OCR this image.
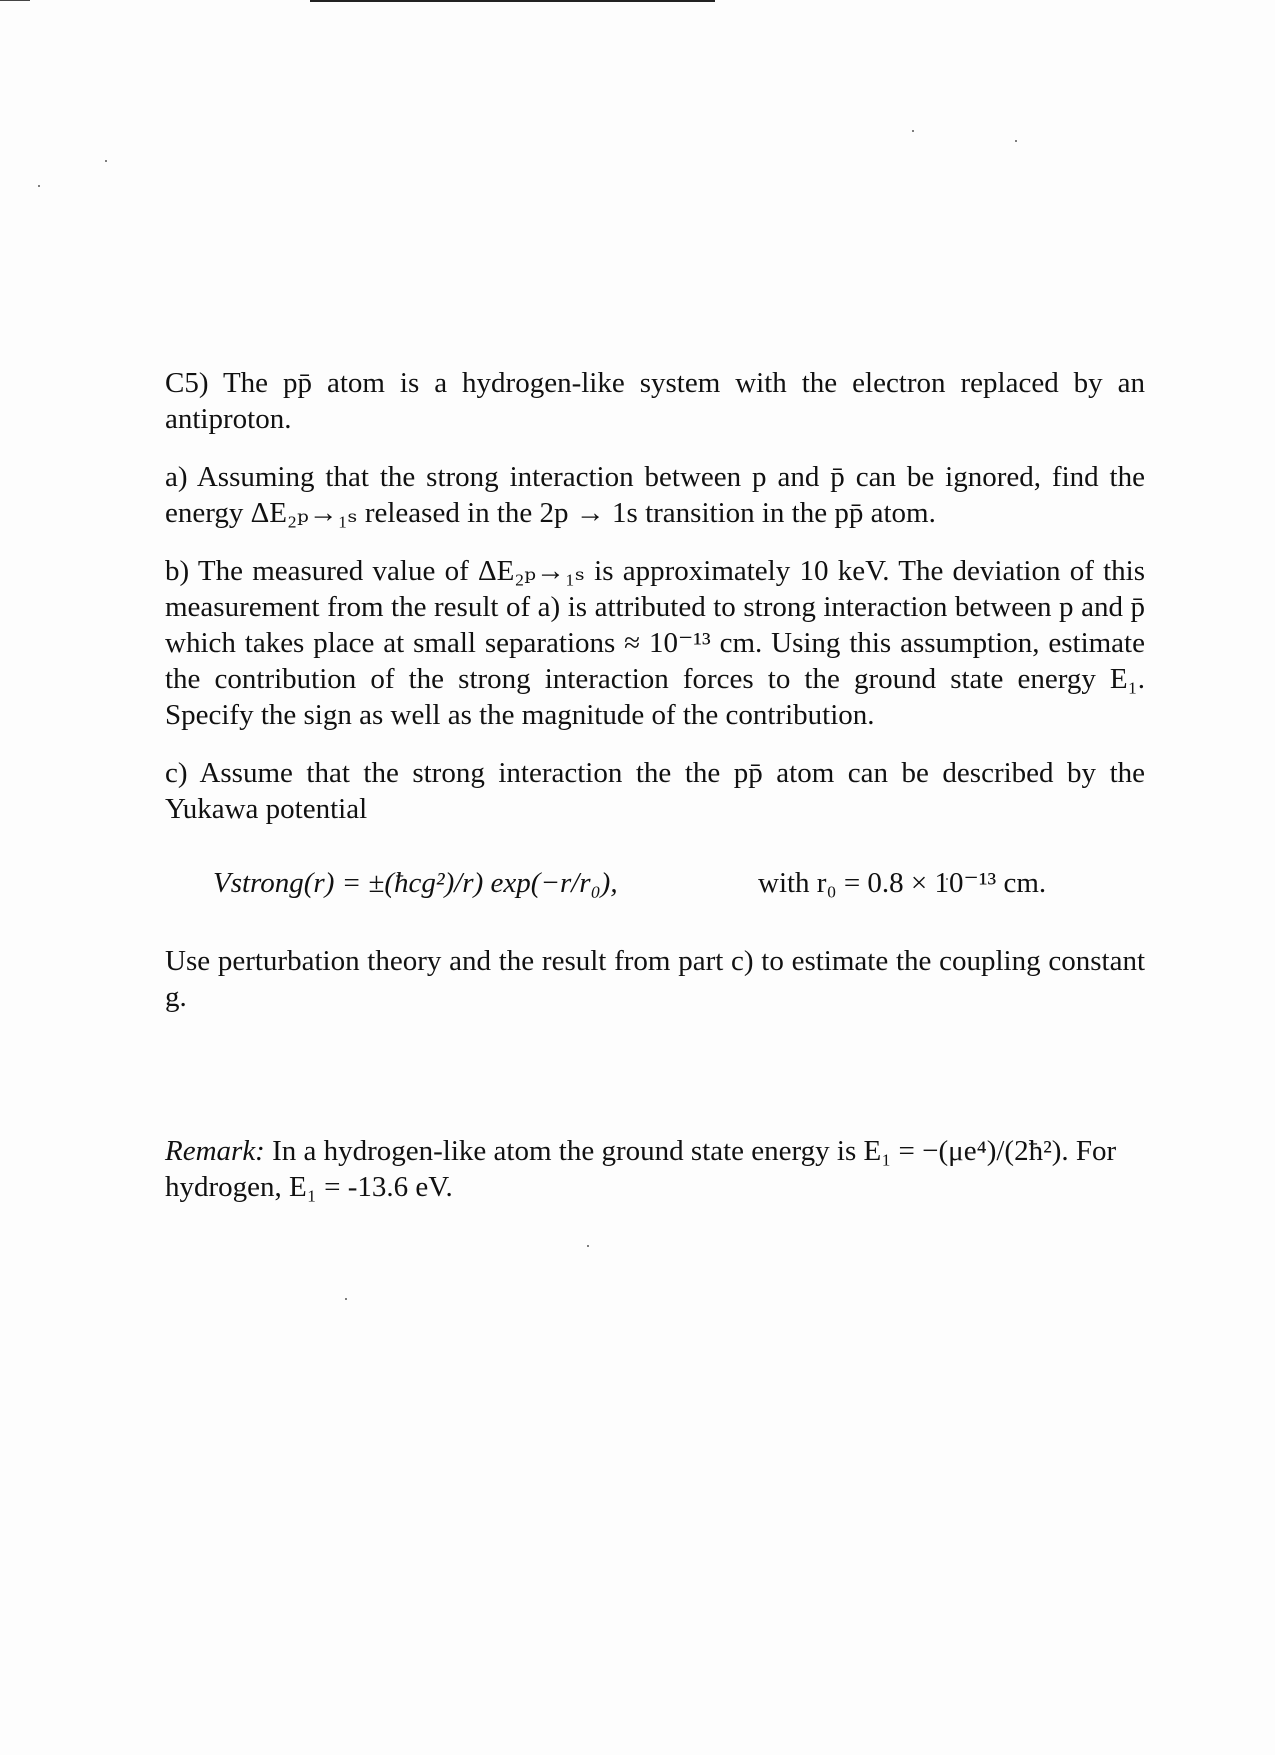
C5) The pp̄ atom is a hydrogen-like system with the electron replaced by an antiproton.

a) Assuming that the strong interaction between p and p̄ can be ignored, find the energy ΔE₂ₚ→₁ₛ released in the 2p → 1s transition in the pp̄ atom.

b) The measured value of ΔE₂ₚ→₁ₛ is approximately 10 keV. The deviation of this measurement from the result of a) is attributed to strong interaction between p and p̄ which takes place at small separations ≈ 10⁻¹³ cm. Using this assumption, estimate the contribution of the strong interaction forces to the ground state energy E₁. Specify the sign as well as the magnitude of the contribution.

c) Assume that the strong interaction the the pp̄ atom can be described by the Yukawa potential

Vstrong(r) = ±(ħcg²)/r) exp(−r/r₀),	with r₀ = 0.8 × 10⁻¹³ cm.

Use perturbation theory and the result from part c) to estimate the coupling constant g.

Remark: In a hydrogen-like atom the ground state energy is E₁ = −(μe⁴)/(2ħ²). For hydrogen, E₁ = -13.6 eV.
